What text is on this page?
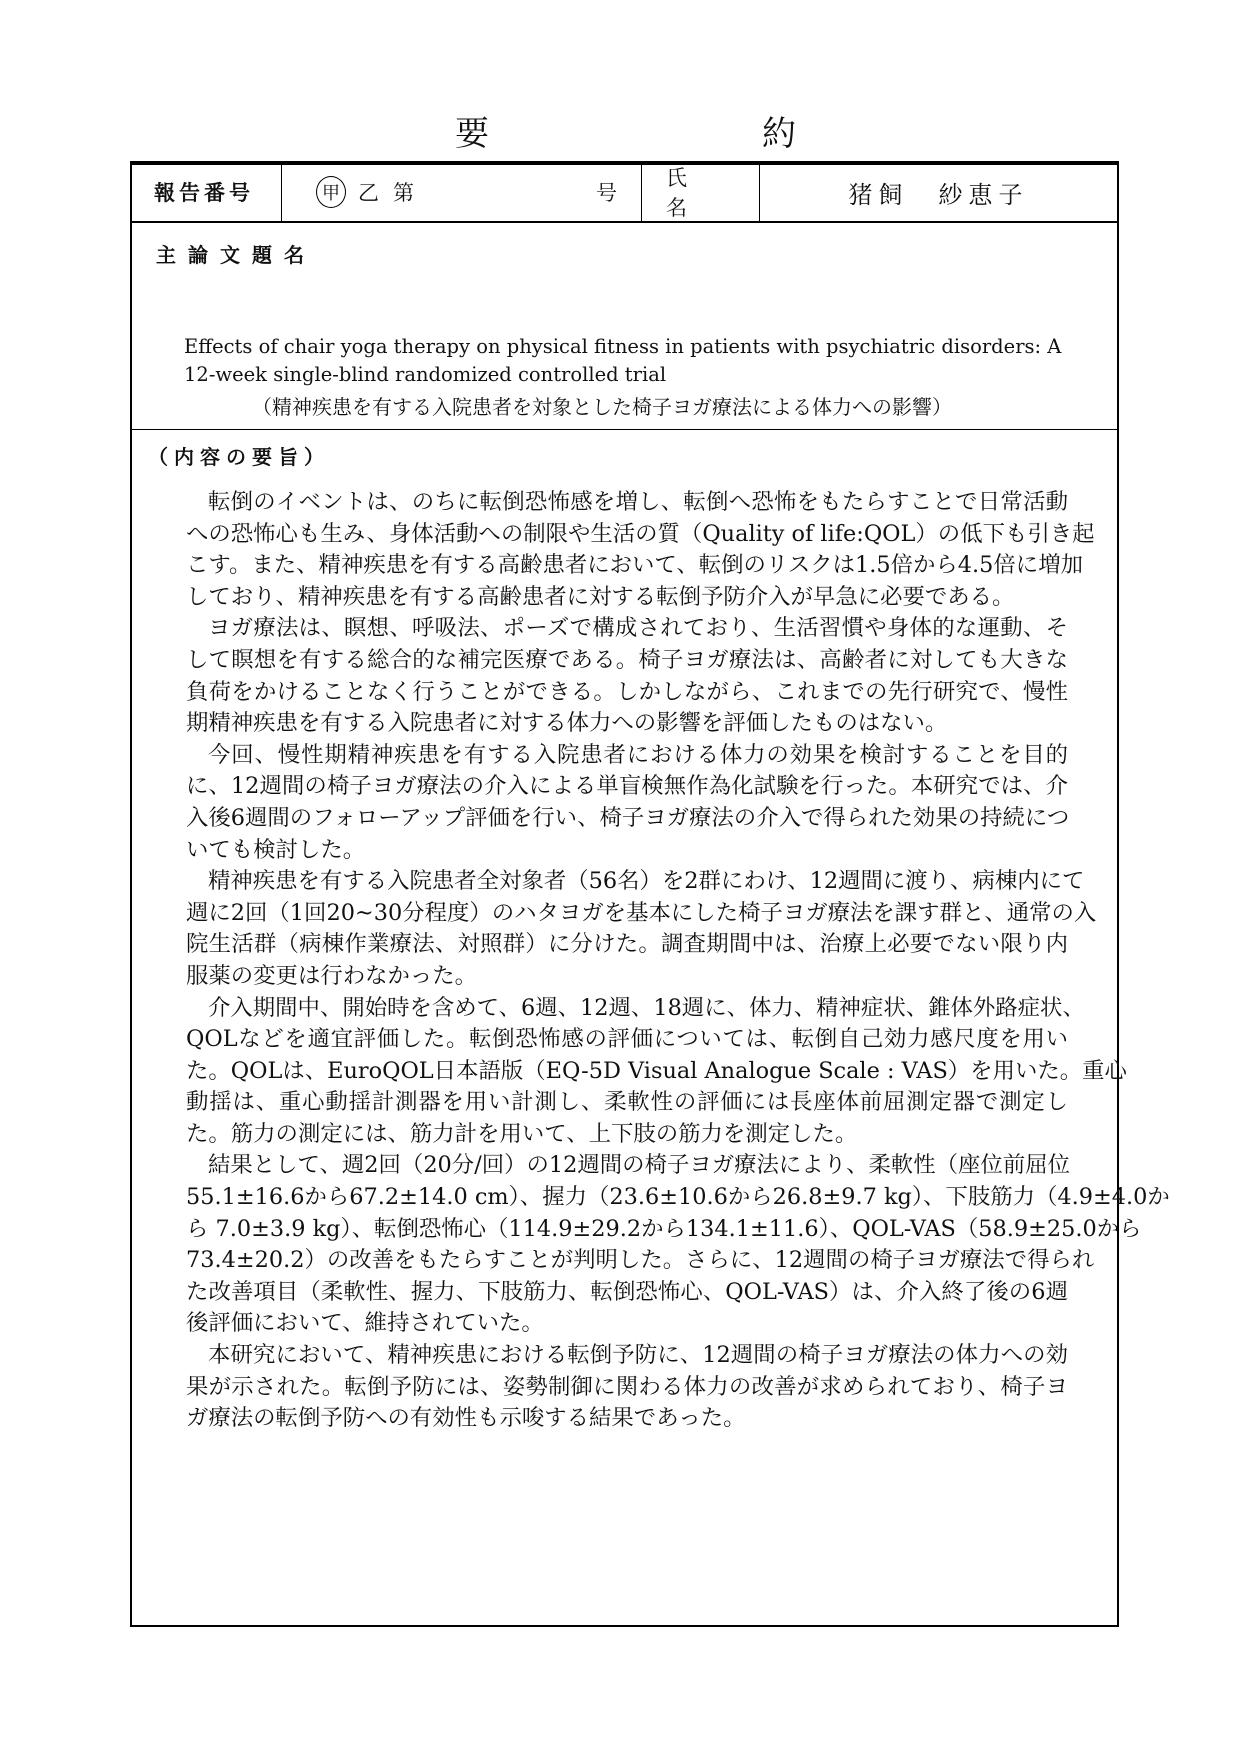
要	約
報告番号	甲 乙 第	号
氏　名	猪飼　紗恵子
主論文題名
Effects of chair yoga therapy on physical fitness in patients with psychiatric disorders: A 12-week single-blind randomized controlled trial
（精神疾患を有する入院患者を対象とした椅子ヨガ療法による体力への影響）
（内容の要旨）
転倒のイベントは、のちに転倒恐怖感を増し、転倒へ恐怖をもたらすことで日常活動
への恐怖心も生み、身体活動への制限や生活の質（Quality of life:QOL）の低下も引き起
こす。また、精神疾患を有する高齢患者において、転倒のリスクは1.5倍から4.5倍に増加
しており、精神疾患を有する高齢患者に対する転倒予防介入が早急に必要である。
ヨガ療法は、瞑想、呼吸法、ポーズで構成されており、生活習慣や身体的な運動、そ
して瞑想を有する総合的な補完医療である。椅子ヨガ療法は、高齢者に対しても大きな
負荷をかけることなく行うことができる。しかしながら、これまでの先行研究で、慢性
期精神疾患を有する入院患者に対する体力への影響を評価したものはない。
今回、慢性期精神疾患を有する入院患者における体力の効果を検討することを目的
に、12週間の椅子ヨガ療法の介入による単盲検無作為化試験を行った。本研究では、介
入後6週間のフォローアップ評価を行い、椅子ヨガ療法の介入で得られた効果の持続につ
いても検討した。
精神疾患を有する入院患者全対象者（56名）を2群にわけ、12週間に渡り、病棟内にて
週に2回（1回20~30分程度）のハタヨガを基本にした椅子ヨガ療法を課す群と、通常の入
院生活群（病棟作業療法、対照群）に分けた。調査期間中は、治療上必要でない限り内
服薬の変更は行わなかった。
介入期間中、開始時を含めて、6週、12週、18週に、体力、精神症状、錐体外路症状、
QOLなどを適宜評価した。転倒恐怖感の評価については、転倒自己効力感尺度を用い
た。QOLは、EuroQOL日本語版（EQ-5D Visual Analogue Scale : VAS）を用いた。重心
動揺は、重心動揺計測器を用い計測し、柔軟性の評価には長座体前屈測定器で測定し
た。筋力の測定には、筋力計を用いて、上下肢の筋力を測定した。
結果として、週2回（20分/回）の12週間の椅子ヨガ療法により、柔軟性（座位前屈位
55.1±16.6から67.2±14.0 cm）、握力（23.6±10.6から26.8±9.7 kg）、下肢筋力（4.9±4.0か
ら 7.0±3.9 kg）、転倒恐怖心（114.9±29.2から134.1±11.6）、QOL-VAS（58.9±25.0から
73.4±20.2）の改善をもたらすことが判明した。さらに、12週間の椅子ヨガ療法で得られ
た改善項目（柔軟性、握力、下肢筋力、転倒恐怖心、QOL-VAS）は、介入終了後の6週
後評価において、維持されていた。
本研究において、精神疾患における転倒予防に、12週間の椅子ヨガ療法の体力への効
果が示された。転倒予防には、姿勢制御に関わる体力の改善が求められており、椅子ヨ
ガ療法の転倒予防への有効性も示唆する結果であった。
